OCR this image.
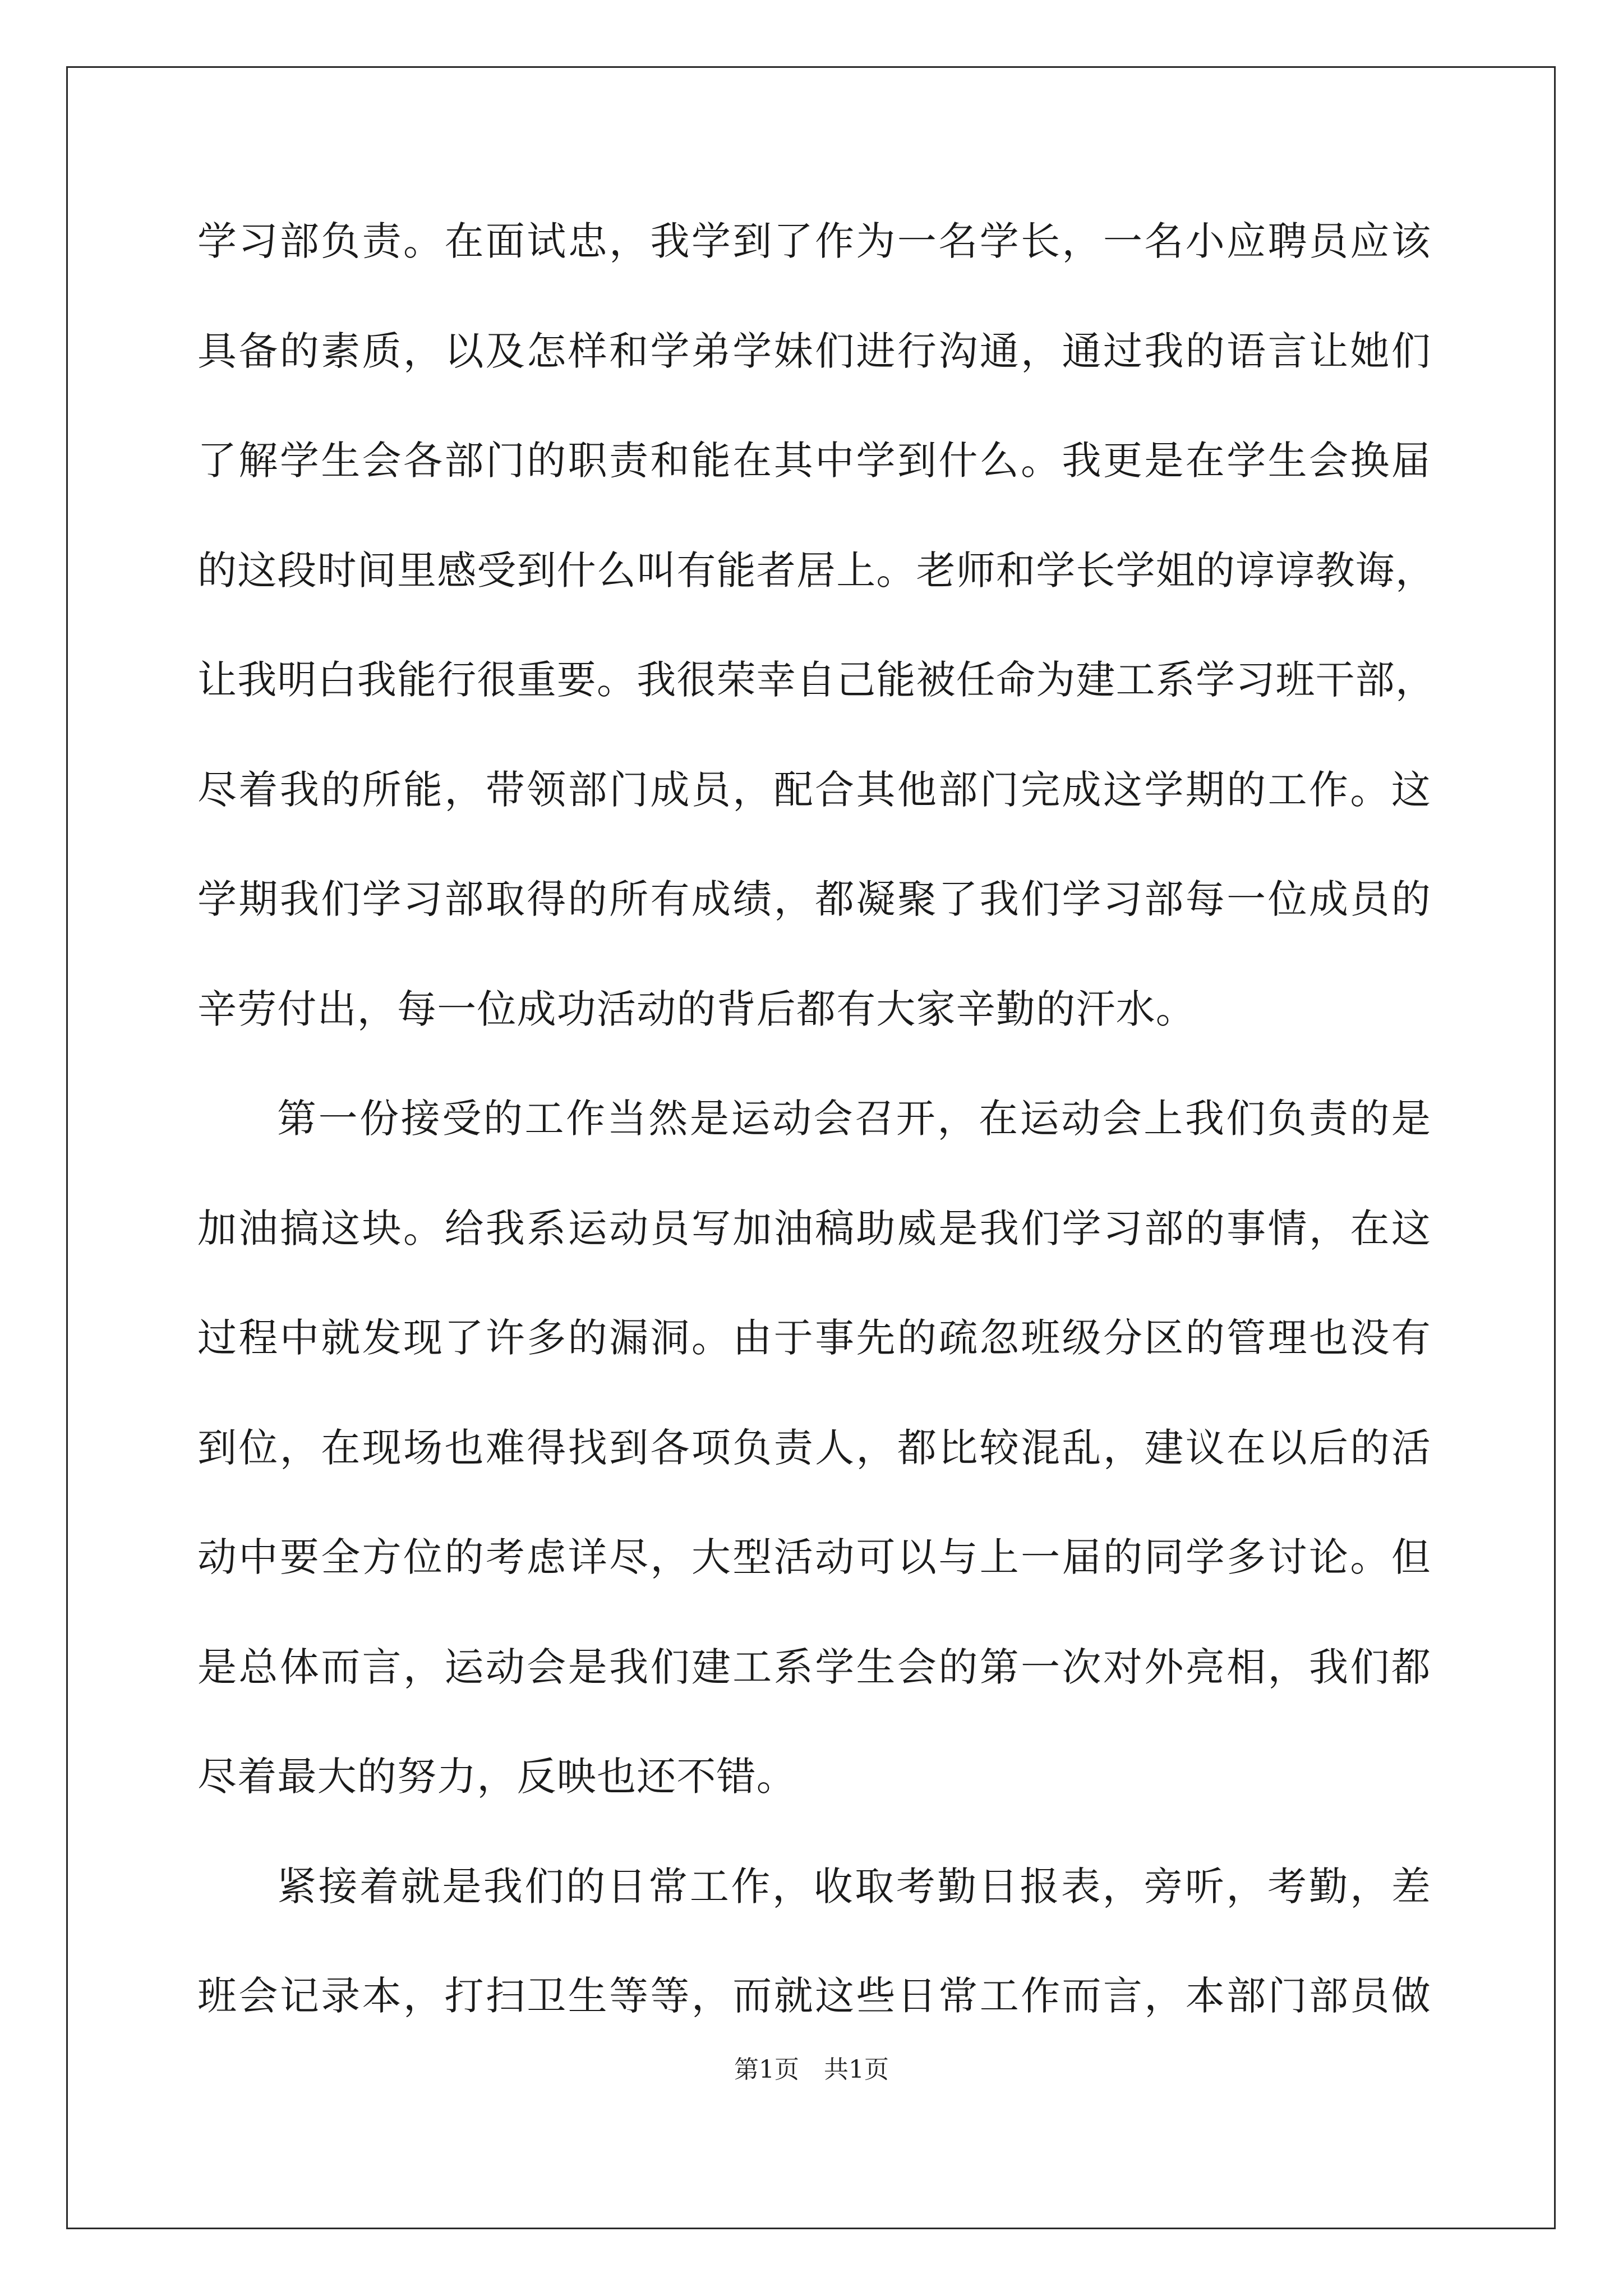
学习部负责。在面试忠，我学到了作为一名学长，一名小应聘员应该
具备的素质，以及怎样和学弟学妹们进行沟通，通过我的语言让她们
了解学生会各部门的职责和能在其中学到什么。我更是在学生会换届
的这段时间里感受到什么叫有能者居上。老师和学长学姐的谆谆教诲，
让我明白我能行很重要。我很荣幸自己能被任命为建工系学习班干部，
尽着我的所能，带领部门成员，配合其他部门完成这学期的工作。这
学期我们学习部取得的所有成绩，都凝聚了我们学习部每一位成员的
辛劳付出，每一位成功活动的背后都有大家辛勤的汗水。
第一份接受的工作当然是运动会召开，在运动会上我们负责的是
加油搞这块。给我系运动员写加油稿助威是我们学习部的事情，在这
过程中就发现了许多的漏洞。由于事先的疏忽班级分区的管理也没有
到位，在现场也难得找到各项负责人，都比较混乱，建议在以后的活
动中要全方位的考虑详尽，大型活动可以与上一届的同学多讨论。但
是总体而言，运动会是我们建工系学生会的第一次对外亮相，我们都
尽着最大的努力，反映也还不错。
紧接着就是我们的日常工作，收取考勤日报表，旁听，考勤，差
班会记录本，打扫卫生等等，而就这些日常工作而言，本部门部员做
第1页 共1页
